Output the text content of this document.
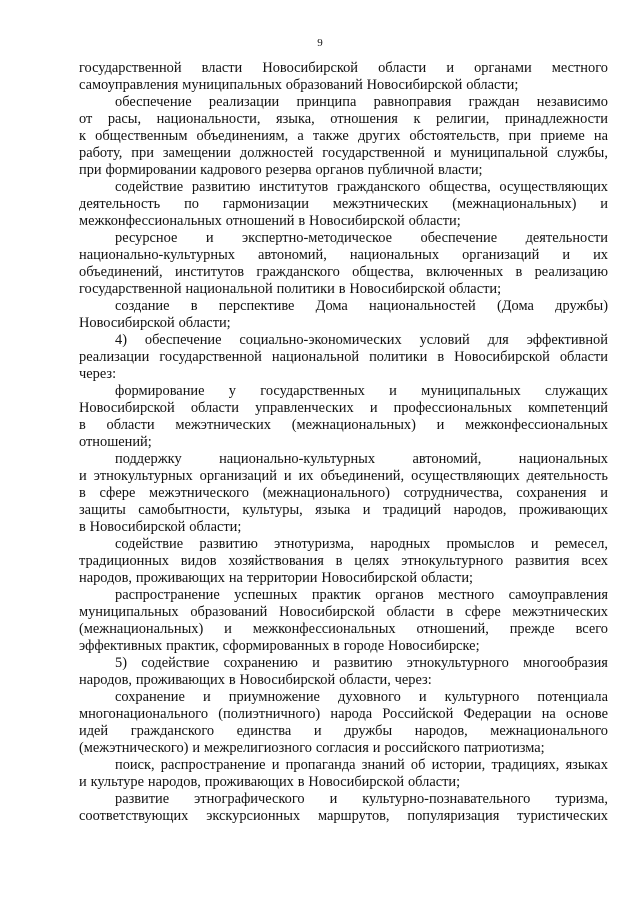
9
государственной власти Новосибирской области и органами местного
самоуправления муниципальных образований Новосибирской области;
обеспечение реализации принципа равноправия граждан независимо
от расы, национальности, языка, отношения к религии, принадлежности
к общественным объединениям, а также других обстоятельств, при приеме на
работу, при замещении должностей государственной и муниципальной службы,
при формировании кадрового резерва органов публичной власти;
содействие развитию институтов гражданского общества, осуществляющих
деятельность по гармонизации межэтнических (межнациональных) и
межконфессиональных отношений в Новосибирской области;
ресурсное и экспертно-методическое обеспечение деятельности
национально-культурных автономий, национальных организаций и их
объединений, институтов гражданского общества, включенных в реализацию
государственной национальной политики в Новосибирской области;
создание в перспективе Дома национальностей (Дома дружбы)
Новосибирской области;
4) обеспечение социально-экономических условий для эффективной
реализации государственной национальной политики в Новосибирской области
через:
формирование у государственных и муниципальных служащих
Новосибирской области управленческих и профессиональных компетенций
в области межэтнических (межнациональных) и межконфессиональных
отношений;
поддержку	национально-культурных	автономий,	национальных
и этнокультурных организаций и их объединений, осуществляющих деятельность
в сфере межэтнического (межнационального) сотрудничества, сохранения и
защиты самобытности, культуры, языка и традиций народов, проживающих
в Новосибирской области;
содействие развитию этнотуризма, народных промыслов и ремесел,
традиционных видов хозяйствования в целях этнокультурного развития всех
народов, проживающих на территории Новосибирской области;
распространение успешных практик органов местного самоуправления
муниципальных образований Новосибирской области в сфере межэтнических
(межнациональных) и межконфессиональных отношений, прежде всего
эффективных практик, сформированных в городе Новосибирске;
5) содействие сохранению и развитию этнокультурного многообразия
народов, проживающих в Новосибирской области, через:
сохранение и приумножение духовного и культурного потенциала
многонационального (полиэтничного) народа Российской Федерации на основе
идей гражданского единства и дружбы народов, межнационального
(межэтнического) и межрелигиозного согласия и российского патриотизма;
поиск, распространение и пропаганда знаний об истории, традициях, языках
и культуре народов, проживающих в Новосибирской области;
развитие этнографического и культурно-познавательного туризма,
соответствующих экскурсионных маршрутов, популяризация туристических
